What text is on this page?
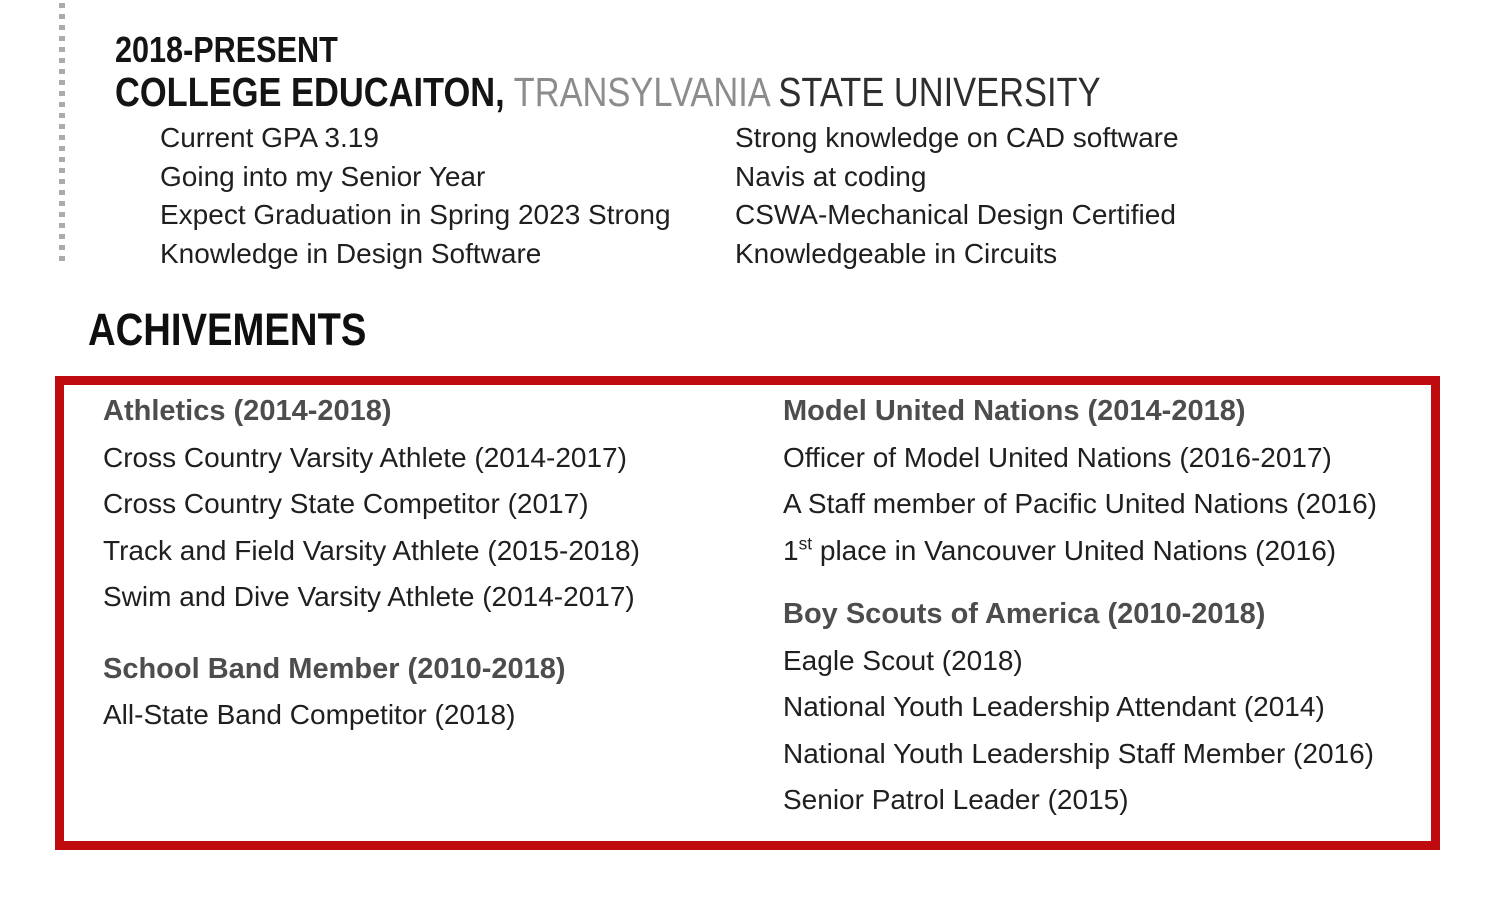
2018-PRESENT
COLLEGE EDUCAITON, TRANSYLVANIA STATE UNIVERSITY
Current GPA 3.19
Going into my Senior Year
Expect Graduation in Spring 2023 Strong
Knowledge in Design Software
Strong knowledge on CAD software
Navis at coding
CSWA-Mechanical Design Certified
Knowledgeable in Circuits
ACHIVEMENTS
Athletics (2014-2018)
Cross Country Varsity Athlete (2014-2017)
Cross Country State Competitor (2017)
Track and Field Varsity Athlete (2015-2018)
Swim and Dive Varsity Athlete (2014-2017)
School Band Member (2010-2018)
All-State Band Competitor (2018)
Model United Nations (2014-2018)
Officer of Model United Nations (2016-2017)
A Staff member of Pacific United Nations (2016)
1st place in Vancouver United Nations (2016)
Boy Scouts of America (2010-2018)
Eagle Scout (2018)
National Youth Leadership Attendant (2014)
National Youth Leadership Staff Member (2016)
Senior Patrol Leader (2015)
